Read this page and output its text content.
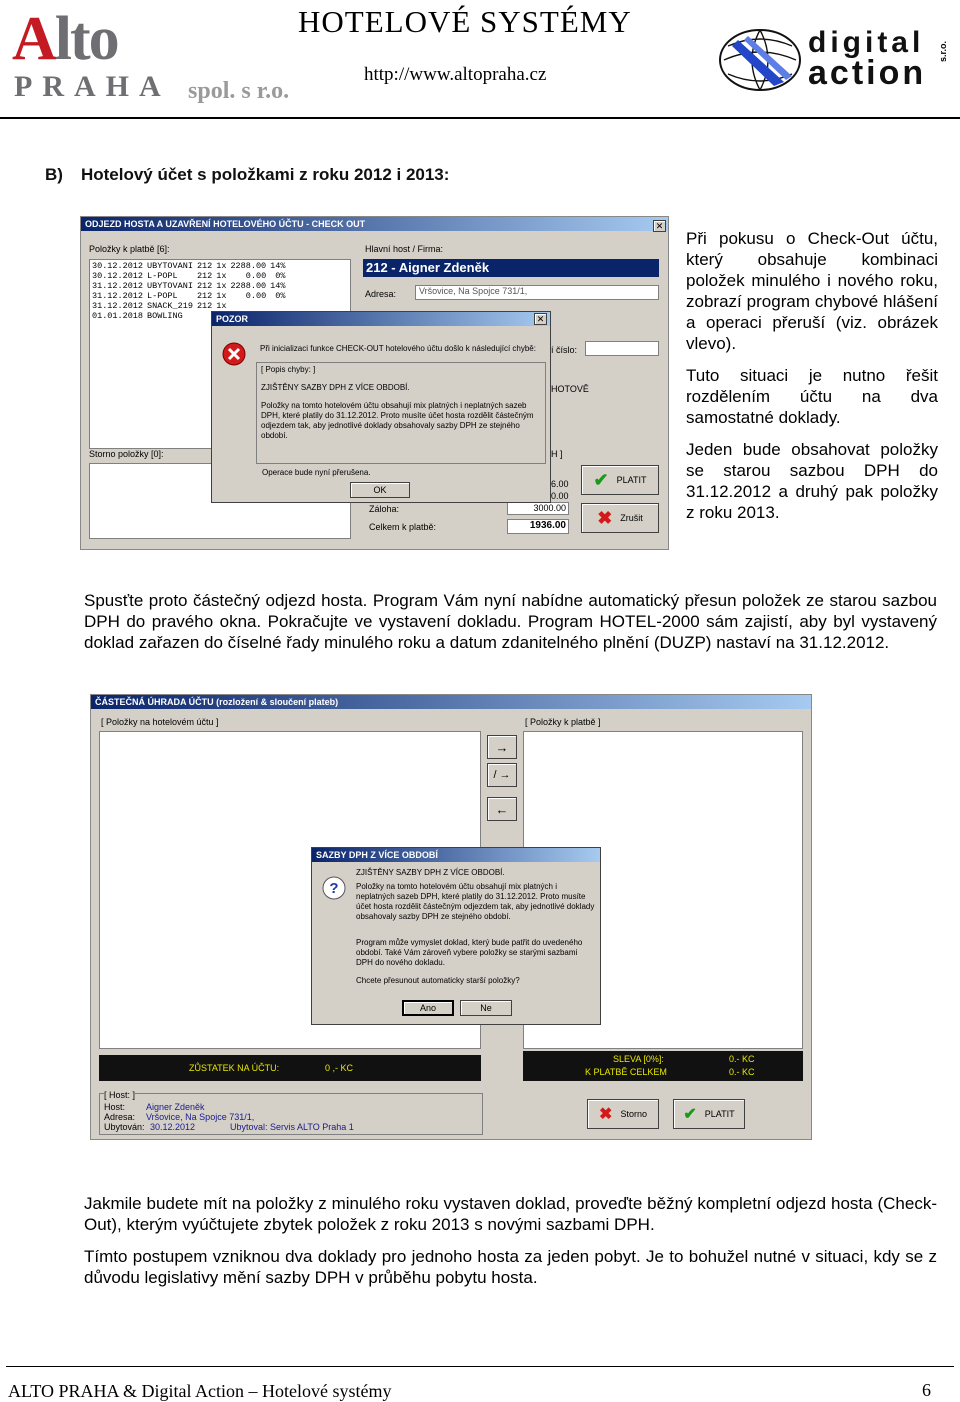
Alto
PRAHA spol. s r.o.
HOTELOVÉ SYSTÉMY
http://www.altopraha.cz
digital
action
s.r.o.
B) Hotelový účet s položkami z roku 2012 i 2013:
ODJEZD HOSTA A UZAVŘENÍ HOTELOVÉHO ÚČTU - CHECK OUT	✕
Položky k platbě [6]:
30.12.2012	UBYTOVANI	212	1x	2288.00	14%
30.12.2012	L-POPL	212	1x	0.00	0%
31.12.2012	UBYTOVANI	212	1x	2288.00	14%
31.12.2012	L-POPL	212	1x	0.00	0%
31.12.2012	SNACK_219	212	1x		
01.01.2018	BOWLING				
Storno položky [0]:
Hlavní host / Firma:
212 - Aigner Zdeněk
Adresa:	Vršovice, Na Spojce 731/1,
í číslo:
HOTOVĚ
H ]
6.00
0.00
Záloha:	3000.00
Celkem k platbě:	1936.00
✔ PLATIT
✖ Zrušit
POZOR	✕
Při inicializaci funkce CHECK-OUT hotelového účtu došlo k následující chybě:
[ Popis chyby: ]
ZJIŠTĚNY SAZBY DPH Z VÍCE OBDOBÍ.
Položky na tomto hotelovém účtu obsahují mix platných i neplatných sazeb DPH, které platily do 31.12.2012. Proto musíte účet hosta rozdělit částečným odjezdem tak, aby jednotlivé doklady obsahovaly sazby DPH ze stejného období.
Operace bude nyní přerušena.
OK

Při pokusu o Check-Out účtu, který obsahuje kombinaci položek minulého i nového roku, zobrazí program chybové hlášení a operaci přeruší (viz. obrázek vlevo).

Tuto situaci je nutno řešit rozdělením účtu na dva samostatné doklady.

Jeden bude obsahovat položky se starou sazbou DPH do 31.12.2012 a druhý pak položky z roku 2013.

Spusťte proto částečný odjezd hosta. Program Vám nyní nabídne automatický přesun položek ze starou sazbou DPH do pravého okna. Pokračujte ve vystavení dokladu. Program HOTEL-2000 sám zajistí, aby byl vystavený doklad zařazen do číselné řady minulého roku a datum zdanitelného plnění (DUZP) nastaví na 31.12.2012.
ČÁSTEČNÁ ÚHRADA ÚČTU (rozložení & sloučení plateb)
[ Položky na hotelovém účtu ]	[ Položky k platbě ]
→
/ →
←
ZŮSTATEK NA ÚČTU:	0 ,- KC
SLEVA [0%]:	0.- KC
K PLATBĚ CELKEM	0.- KC
[ Host: ]
Host: Aigner Zdeněk
Adresa: Vršovice, Na Spojce 731/1,
Ubytován: 30.12.2012	Ubytoval: Servis ALTO Praha 1
✖ Storno ✔ PLATIT
SAZBY DPH Z VÍCE OBDOBÍ
?
ZJIŠTĚNY SAZBY DPH Z VÍCE OBDOBÍ.
Položky na tomto hotelovém účtu obsahují mix platných i neplatných sazeb DPH, které platily do 31.12.2012. Proto musíte účet hosta rozdělit částečným odjezdem tak, aby jednotlivé doklady obsahovaly sazby DPH ze stejného období.
Program může vymyslet doklad, který bude patřit do uvedeného období. Také Vám zároveň vybere položky se starými sazbami DPH do nového dokladu.
Chcete přesunout automaticky starší položky?
Ano	Ne
Jakmile budete mít na položky z minulého roku vystaven doklad, proveďte běžný kompletní odjezd hosta (Check-Out), kterým vyúčtujete zbytek položek z roku 2013 s novými sazbami DPH.
Tímto postupem vzniknou dva doklady pro jednoho hosta za jeden pobyt. Je to bohužel nutné v situaci, kdy se z důvodu legislativy mění sazby DPH v průběhu pobytu hosta.
ALTO PRAHA & Digital Action – Hotelové systémy	6
